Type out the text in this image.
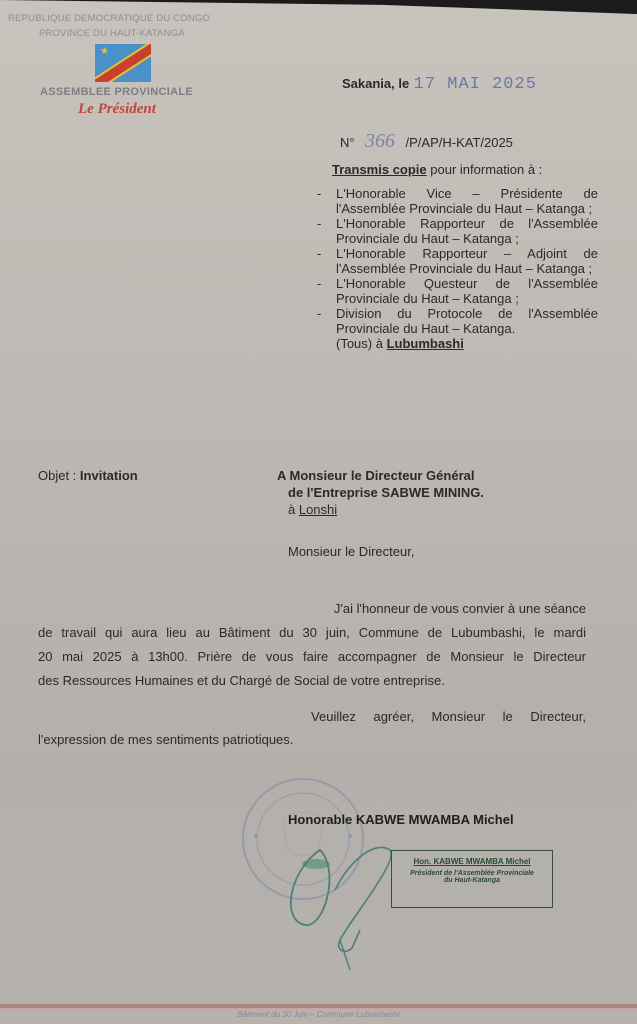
REPUBLIQUE DEMOCRATIQUE DU CONGO
PROVINCE DU HAUT-KATANGA
★
ASSEMBLEE PROVINCIALE
Le Président
Sakania, le 17 MAI 2025
N° 366 /P/AP/H-KAT/2025
Transmis copie pour information à :
- L'Honorable Vice – Présidente de l'Assemblée Provinciale du Haut – Katanga ;
- L'Honorable Rapporteur de l'Assemblée Provinciale du Haut – Katanga ;
- L'Honorable Rapporteur – Adjoint de l'Assemblée Provinciale du Haut – Katanga ;
- L'Honorable Questeur de l'Assemblée Provinciale du Haut – Katanga ;
- Division du Protocole de l'Assemblée Provinciale du Haut – Katanga.
(Tous) à Lubumbashi
Objet : Invitation	A Monsieur le Directeur Général
de l'Entreprise SABWE MINING.
à Lonshi
Monsieur le Directeur,
J'ai l'honneur de vous convier à une séance
de travail qui aura lieu au Bâtiment du 30 juin, Commune de Lubumbashi, le mardi
20 mai 2025 à 13h00. Prière de vous faire accompagner de Monsieur le Directeur
des Ressources Humaines et du Chargé de Social de votre entreprise.
Veuillez agréer, Monsieur le Directeur,
l'expression de mes sentiments patriotiques.
Honorable KABWE MWAMBA Michel
Hon. KABWE MWAMBA Michel
Président de l'Assemblée Provinciale
du Haut-Katanga
Bâtiment du 30 Juin – Commune Lubumbashi
